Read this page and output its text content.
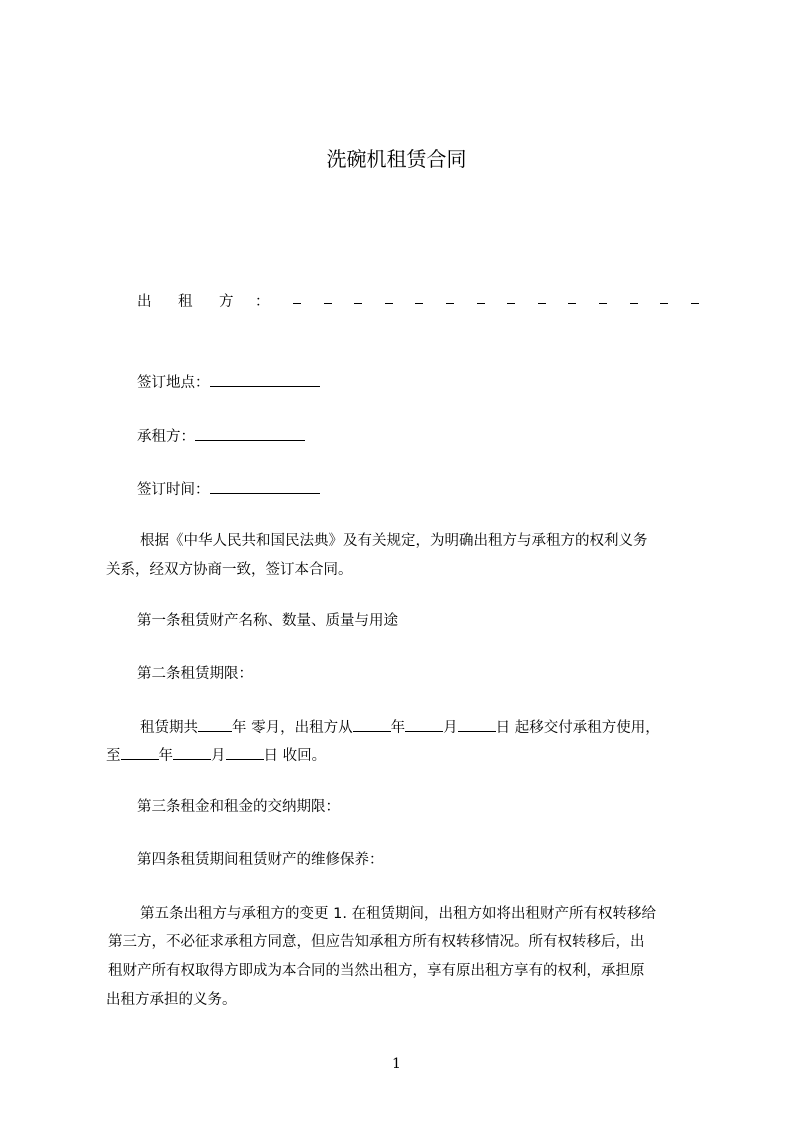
洗碗机租赁合同
出 租 方 ：
签订地点：
承租方：
签订时间：
根据《中华人民共和国民法典》及有关规定，为明确出租方与承租方的权利义务
关系，经双方协商一致，签订本合同。
第一条租赁财产名称、数量、质量与用途
第二条租赁期限：
租赁期共 年 零月，出租方从	年	月	日 起移交付承租方使用，
至	年	月	日 收回。
第三条租金和租金的交纳期限：
第四条租赁期间租赁财产的维修保养：
第五条出租方与承租方的变更 1. 在租赁期间，出租方如将出租财产所有权转移给
第三方，不必征求承租方同意，但应告知承租方所有权转移情况。所有权转移后，出
租财产所有权取得方即成为本合同的当然出租方，享有原出租方享有的权利，承担原
出租方承担的义务。
1
